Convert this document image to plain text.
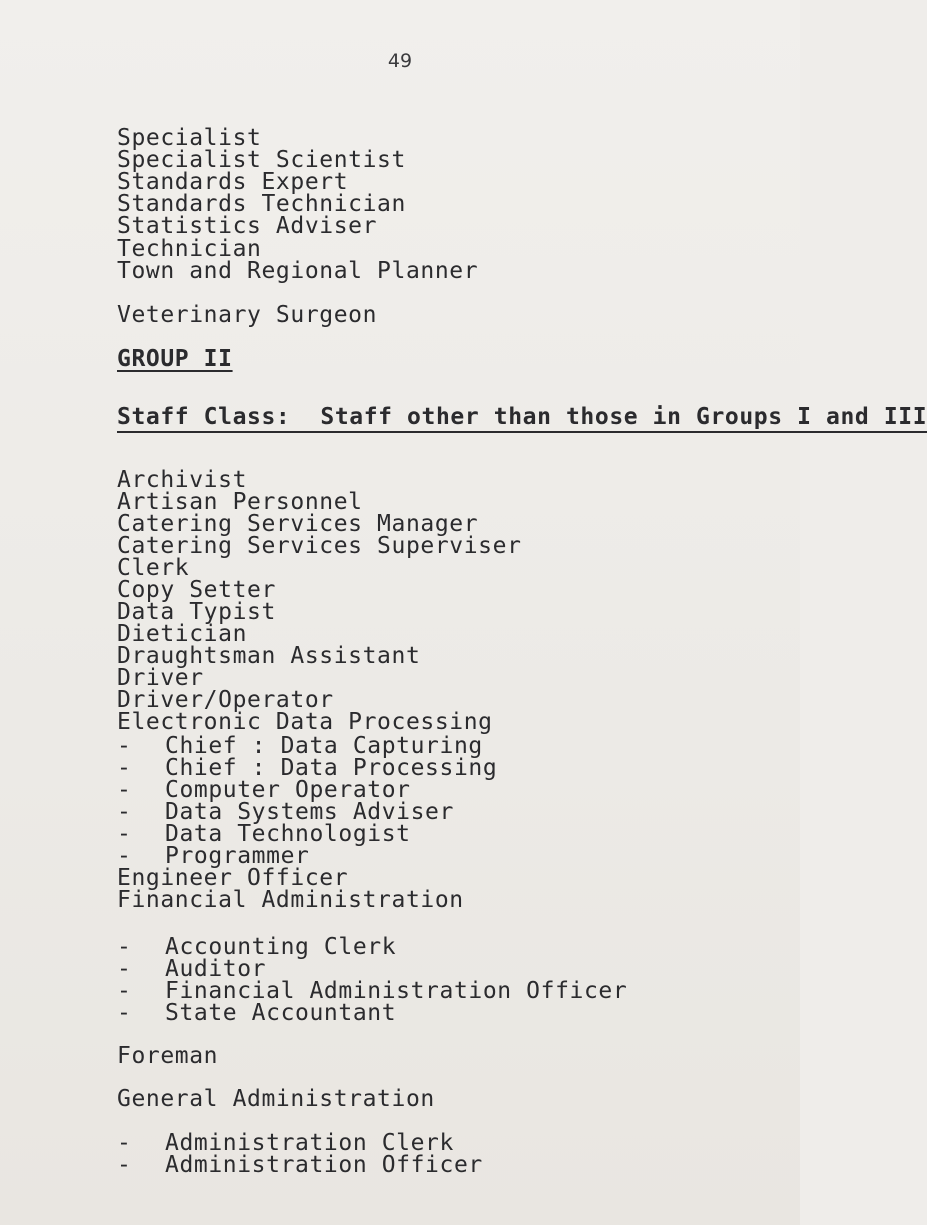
49
Specialist
Specialist Scientist
Standards Expert
Standards Technician
Statistics Adviser
Technician
Town and Regional Planner
Veterinary Surgeon
GROUP II
Staff Class: Staff other than those in Groups I and III
Archivist
Artisan Personnel
Catering Services Manager
Catering Services Superviser
Clerk
Copy Setter
Data Typist
Dietician
Draughtsman Assistant
Driver
Driver/Operator
Electronic Data Processing
- Chief : Data Capturing
- Chief : Data Processing
- Computer Operator
- Data Systems Adviser
- Data Technologist
- Programmer
Engineer Officer
Financial Administration
- Accounting Clerk
- Auditor
- Financial Administration Officer
- State Accountant
Foreman
General Administration
- Administration Clerk
- Administration Officer
